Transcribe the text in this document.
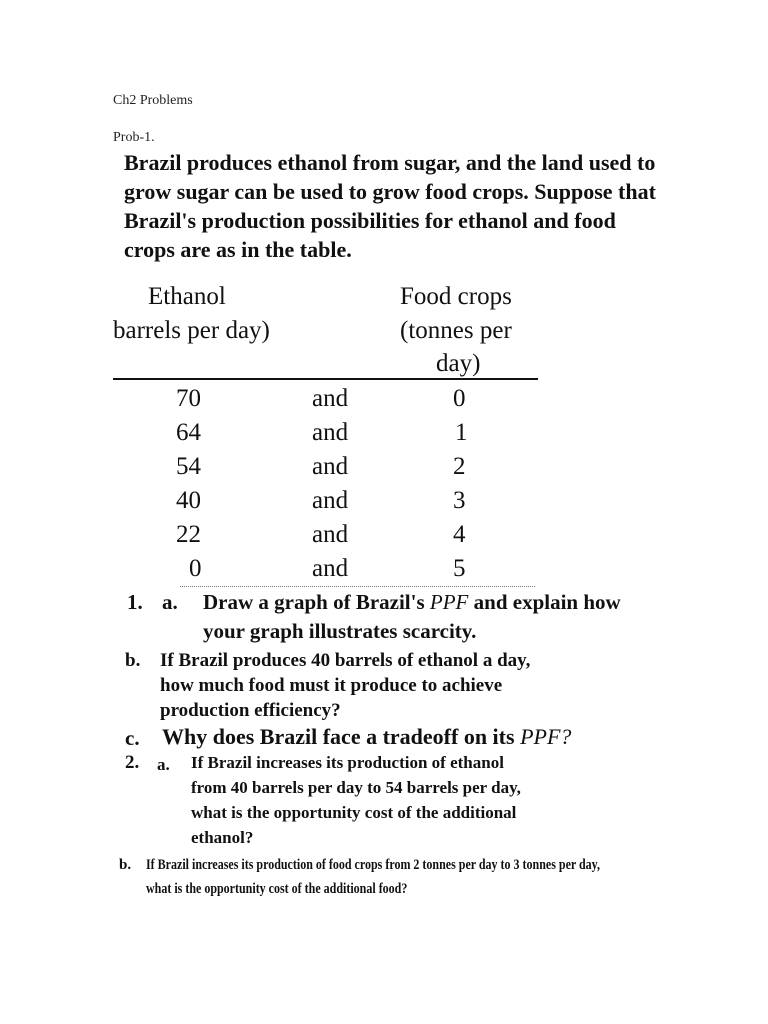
Ch2 Problems
Prob-1.
Brazil produces ethanol from sugar, and the land used to grow sugar can be used to grow food crops. Suppose that Brazil's production possibilities for ethanol and food crops are as in the table.
Ethanol
barrels per day)
Food crops
(tonnes per
day)
70	and	0
64	and	1
54	and	2
40	and	3
22	and	4
0	and	5
1. a. Draw a graph of Brazil's PPF and explain how
your graph illustrates scarcity.
b. If Brazil produces 40 barrels of ethanol a day,
how much food must it produce to achieve
production efficiency?
c. Why does Brazil face a tradeoff on its PPF?
2. a. If Brazil increases its production of ethanol
from 40 barrels per day to 54 barrels per day,
what is the opportunity cost of the additional
ethanol?
b. If Brazil increases its production of food crops from 2 tonnes per day to 3 tonnes per day,
what is the opportunity cost of the additional food?
